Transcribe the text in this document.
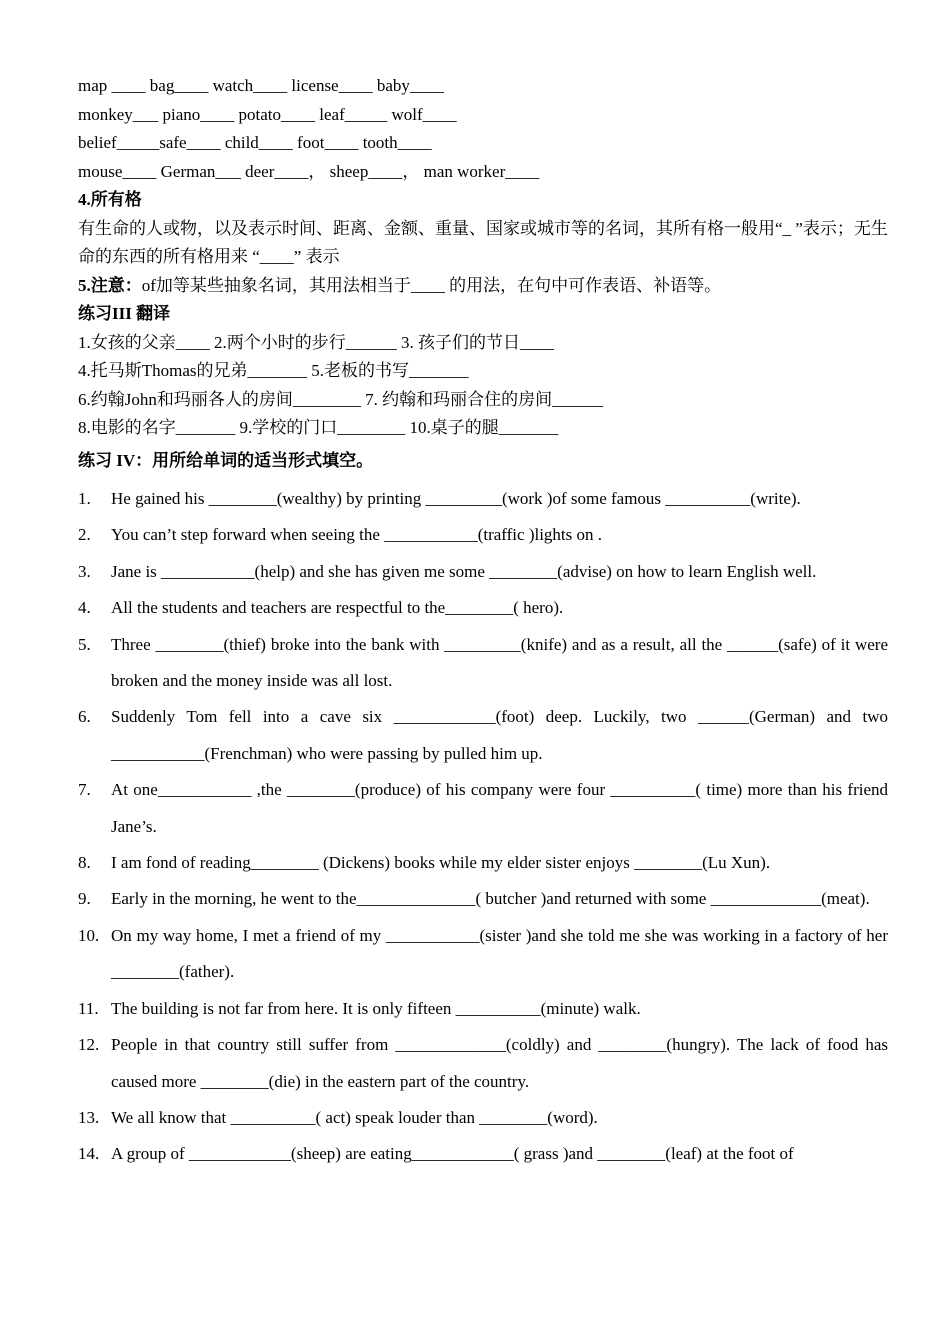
map ____ bag____ watch____ license____ baby____
monkey___ piano____ potato____ leaf_____ wolf____
belief_____safe____ child____ foot____ tooth____
mouse____ German___ deer____， sheep____， man worker____
4.所有格
有生命的人或物，以及表示时间、距离、金额、重量、国家或城市等的名词，其所有格一般用“_ ”表示；无生命的东西的所有格用来 “____” 表示
5.注意：of加等某些抽象名词，其用法相当于____ 的用法，在句中可作表语、补语等。
练习III 翻译
1.女孩的父亲____ 2.两个小时的步行______ 3. 孩子们的节日____
4.托马斯Thomas的兄弟_______ 5.老板的书写_______
6.约翰John和玛丽各人的房间________ 7. 约翰和玛丽合住的房间______
8.电影的名字_______ 9.学校的门口________ 10.桌子的腿_______
练习 IV：用所给单词的适当形式填空。
1.	He gained his ________(wealthy) by printing _________(work )of some famous __________(write).
2.	You can’t step forward when seeing the ___________(traffic )lights on .
3.	Jane is ___________(help) and she has given me some ________(advise) on how to learn English well.
4.	All the students and teachers are respectful to the________( hero).
5.	Three ________(thief) broke into the bank with _________(knife) and as a result, all the ______(safe) of it were broken and the money inside was all lost.
6.	Suddenly Tom fell into a cave six ____________(foot) deep. Luckily, two ______(German) and two ___________(Frenchman) who were passing by pulled him up.
7.	At one___________ ,the ________(produce) of his company were four __________( time) more than his friend Jane’s.
8.	I am fond of reading________ (Dickens) books while my elder sister enjoys ________(Lu Xun).
9.	Early in the morning, he went to the______________( butcher )and returned with some _____________(meat).
10. On my way home, I met a friend of my ___________(sister )and she told me she was working in a factory of her ________(father).
11. The building is not far from here. It is only fifteen __________(minute) walk.
12. People in that country still suffer from _____________(coldly) and ________(hungry). The lack of food has caused more ________(die) in the eastern part of the country.
13. We all know that __________( act) speak louder than ________(word).
14. A group of ____________(sheep) are eating____________( grass )and ________(leaf) at the foot of
